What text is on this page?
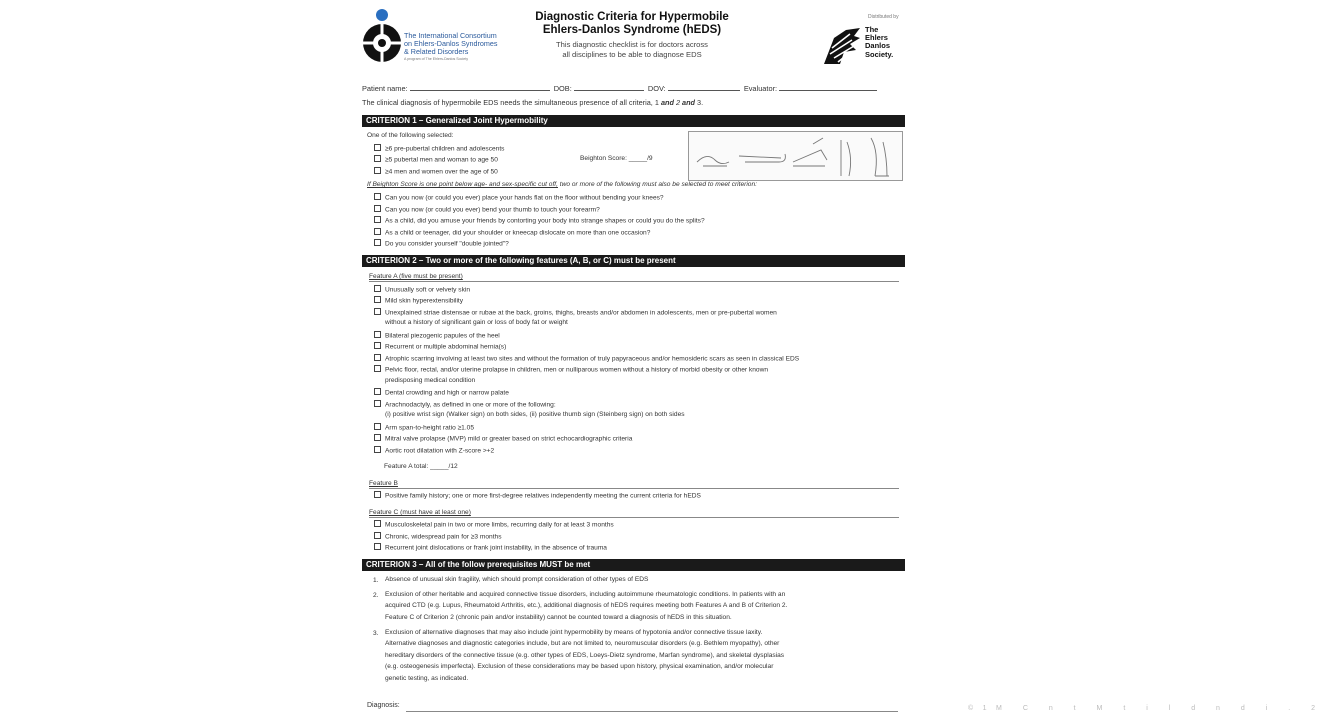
The International Consortium
on Ehlers-Danlos Syndromes
& Related Disorders
A program of The Ehlers-Danlos Society
Diagnostic Criteria for Hypermobile
Ehlers-Danlos Syndrome (hEDS)
This diagnostic checklist is for doctors across
all disciplines to be able to diagnose EDS
Distributed by
The
Ehlers
Danlos
Society.
Patient name:	DOB:	DOV:	Evaluator:
The clinical diagnosis of hypermobile EDS needs the simultaneous presence of all criteria, 1 and 2 and 3.
CRITERION 1 – Generalized Joint Hypermobility
One of the following selected:
≥6 pre-pubertal children and adolescents
≥5 pubertal men and woman to age 50
≥4 men and women over the age of 50
Beighton Score: _____/9
If Beighton Score is one point below age- and sex-specific cut off, two or more of the following must also be selected to meet criterion:
Can you now (or could you ever) place your hands flat on the floor without bending your knees?
Can you now (or could you ever) bend your thumb to touch your forearm?
As a child, did you amuse your friends by contorting your body into strange shapes or could you do the splits?
As a child or teenager, did your shoulder or kneecap dislocate on more than one occasion?
Do you consider yourself "double jointed"?
CRITERION 2 – Two or more of the following features (A, B, or C) must be present
Feature A (five must be present)
Unusually soft or velvety skin
Mild skin hyperextensibility
Unexplained striae distensae or rubae at the back, groins, thighs, breasts and/or abdomen in adolescents, men or pre-pubertal women
without a history of significant gain or loss of body fat or weight
Bilateral piezogenic papules of the heel
Recurrent or multiple abdominal hernia(s)
Atrophic scarring involving at least two sites and without the formation of truly papyraceous and/or hemosideric scars as seen in classical EDS
Pelvic floor, rectal, and/or uterine prolapse in children, men or nulliparous women without a history of morbid obesity or other known
predisposing medical condition
Dental crowding and high or narrow palate
Arachnodactyly, as defined in one or more of the following:
(i) positive wrist sign (Walker sign) on both sides, (ii) positive thumb sign (Steinberg sign) on both sides
Arm span-to-height ratio ≥1.05
Mitral valve prolapse (MVP) mild or greater based on strict echocardiographic criteria
Aortic root dilatation with Z-score >+2
Feature A total: _____/12
Feature B
Positive family history; one or more first-degree relatives independently meeting the current criteria for hEDS
Feature C (must have at least one)
Musculoskeletal pain in two or more limbs, recurring daily for at least 3 months
Chronic, widespread pain for ≥3 months
Recurrent joint dislocations or frank joint instability, in the absence of trauma
CRITERION 3 – All of the follow prerequisites MUST be met
1. Absence of unusual skin fragility, which should prompt consideration of other types of EDS
2. Exclusion of other heritable and acquired connective tissue disorders, including autoimmune rheumatologic conditions. In patients with an
acquired CTD (e.g. Lupus, Rheumatoid Arthritis, etc.), additional diagnosis of hEDS requires meeting both Features A and B of Criterion 2.
Feature C of Criterion 2 (chronic pain and/or instability) cannot be counted toward a diagnosis of hEDS in this situation.
3. Exclusion of alternative diagnoses that may also include joint hypermobility by means of hypotonia and/or connective tissue laxity.
Alternative diagnoses and diagnostic categories include, but are not limited to, neuromuscular disorders (e.g. Bethlem myopathy), other
hereditary disorders of the connective tissue (e.g. other types of EDS, Loeys-Dietz syndrome, Marfan syndrome), and skeletal dysplasias
(e.g. osteogenesis imperfecta). Exclusion of these considerations may be based upon history, physical examination, and/or molecular
genetic testing, as indicated.
Diagnosis:	©1M C n t M t i l d n d i . 2
